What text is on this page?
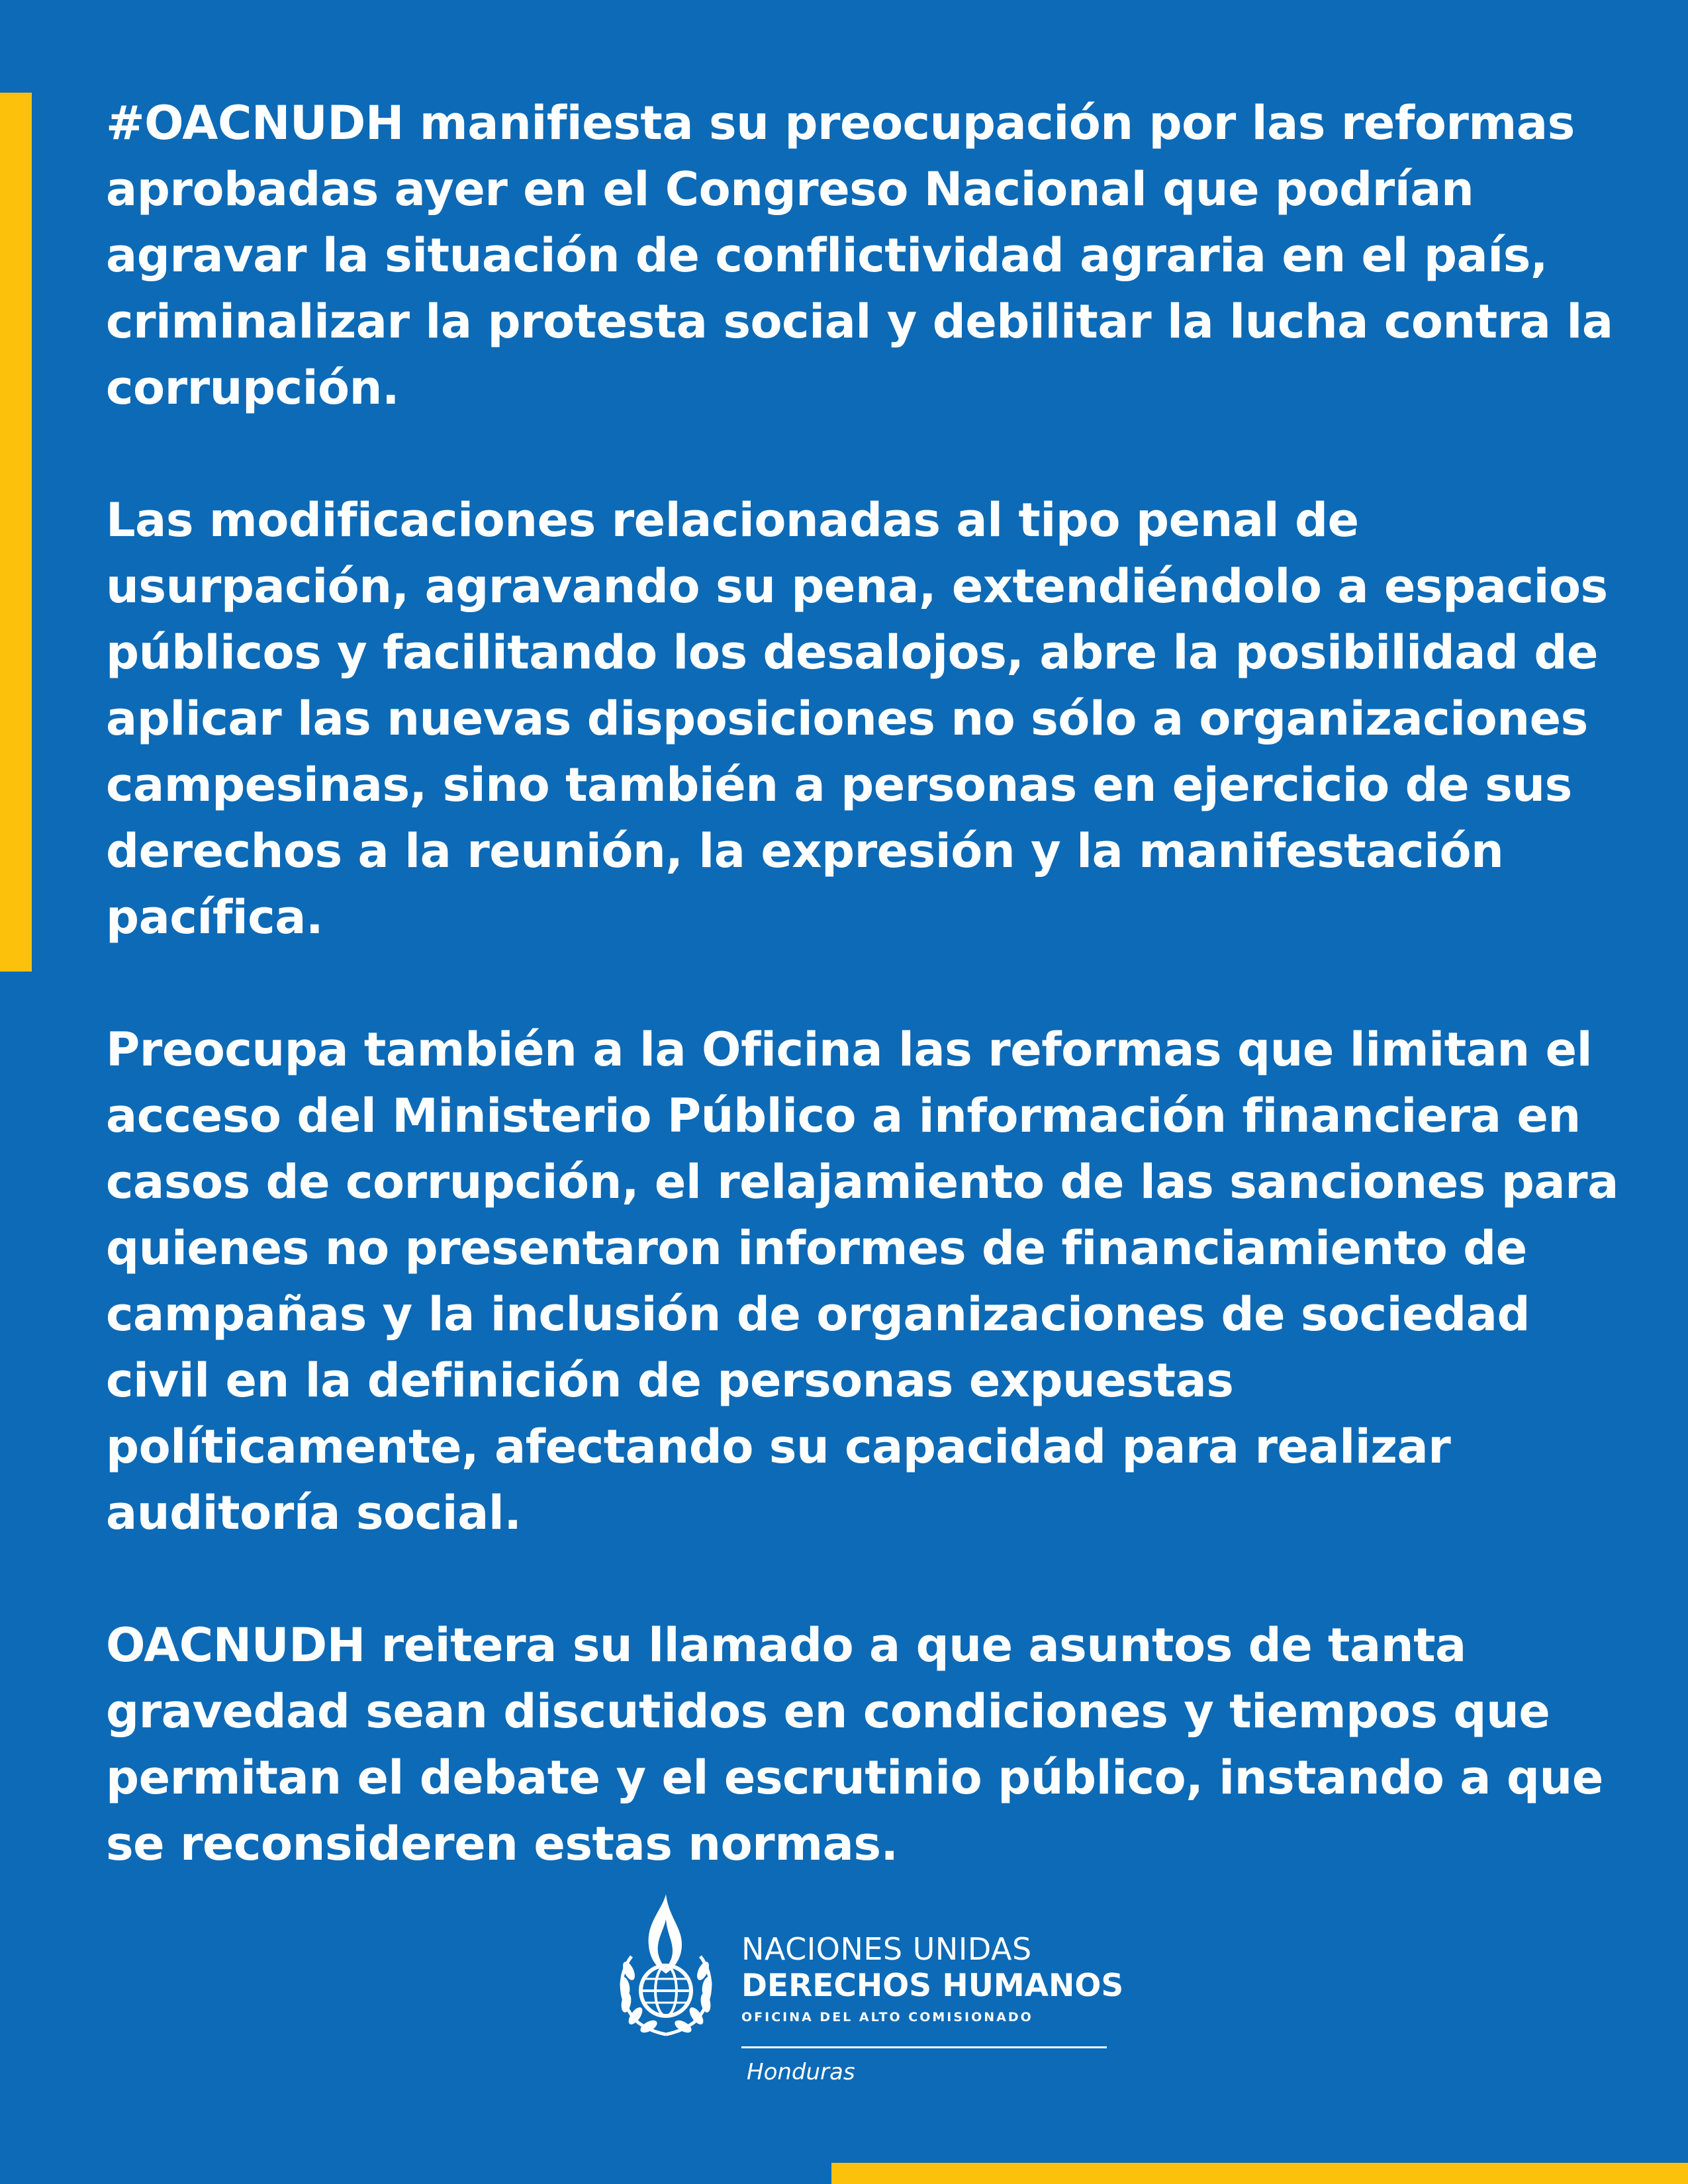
#OACNUDH manifiesta su preocupación por las reformas aprobadas ayer en el Congreso Nacional que podrían agravar la situación de conflictividad agraria en el país, criminalizar la protesta social y debilitar la lucha contra la corrupción.

Las modificaciones relacionadas al tipo penal de usurpación, agravando su pena, extendiéndolo a espacios públicos y facilitando los desalojos, abre la posibilidad de aplicar las nuevas disposiciones no sólo a organizaciones campesinas, sino también a personas en ejercicio de sus derechos a la reunión, la expresión y la manifestación pacífica.

Preocupa también a la Oficina las reformas que limitan el acceso del Ministerio Público a información financiera en casos de corrupción, el relajamiento de las sanciones para quienes no presentaron informes de financiamiento de campañas y la inclusión de organizaciones de sociedad civil en la definición de personas expuestas políticamente, afectando su capacidad para realizar auditoría social.

OACNUDH reitera su llamado a que asuntos de tanta gravedad sean discutidos en condiciones y tiempos que permitan el debate y el escrutinio público, instando a que se reconsideren estas normas.

NACIONES UNIDAS
DERECHOS HUMANOS
OFICINA DEL ALTO COMISIONADO
Honduras
